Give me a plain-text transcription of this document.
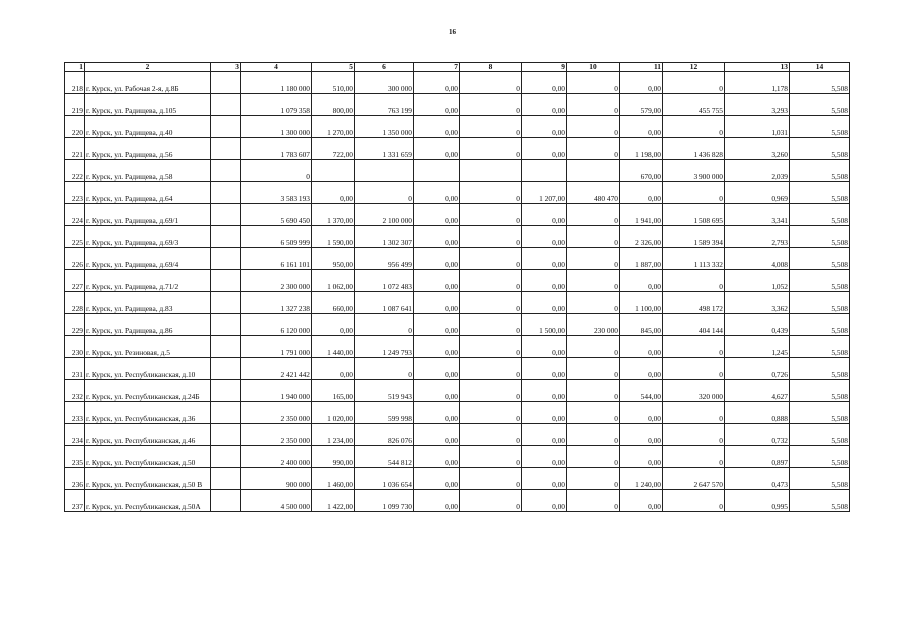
16
1	2	3	4	5	6	7	8	9	10	11	12	13	14
218	г. Курск, ул. Рабочая 2-я, д.8Б		1 180 000	510,00	300 000	0,00	0	0,00	0	0,00	0	1,178	5,508
219	г. Курск, ул. Радищева, д.105		1 079 358	800,00	763 199	0,00	0	0,00	0	579,00	455 755	3,293	5,508
220	г. Курск, ул. Радищева, д.40		1 300 000	1 270,00	1 350 000	0,00	0	0,00	0	0,00	0	1,031	5,508
221	г. Курск, ул. Радищева, д.56		1 783 607	722,00	1 331 659	0,00	0	0,00	0	1 198,00	1 436 828	3,260	5,508
222	г. Курск, ул. Радищева, д.58		0							670,00	3 900 000	2,039	5,508
223	г. Курск, ул. Радищева, д.64		3 583 193	0,00	0	0,00	0	1 207,00	480 470	0,00	0	0,969	5,508
224	г. Курск, ул. Радищева, д.69/1		5 690 450	1 370,00	2 100 000	0,00	0	0,00	0	1 941,00	1 508 695	3,341	5,508
225	г. Курск, ул. Радищева, д.69/3		6 509 999	1 590,00	1 302 307	0,00	0	0,00	0	2 326,00	1 589 394	2,793	5,508
226	г. Курск, ул. Радищева, д.69/4		6 161 101	950,00	956 499	0,00	0	0,00	0	1 887,00	1 113 332	4,008	5,508
227	г. Курск, ул. Радищева, д.71/2		2 300 000	1 062,00	1 072 483	0,00	0	0,00	0	0,00	0	1,052	5,508
228	г. Курск, ул. Радищева, д.83		1 327 238	660,00	1 087 641	0,00	0	0,00	0	1 100,00	498 172	3,362	5,508
229	г. Курск, ул. Радищева, д.86		6 120 000	0,00	0	0,00	0	1 500,00	230 000	845,00	404 144	0,439	5,508
230	г. Курск, ул. Резиновая, д.5		1 791 000	1 440,00	1 249 793	0,00	0	0,00	0	0,00	0	1,245	5,508
231	г. Курск, ул. Республиканская, д.10		2 421 442	0,00	0	0,00	0	0,00	0	0,00	0	0,726	5,508
232	г. Курск, ул. Республиканская, д.24Б		1 940 000	165,00	519 943	0,00	0	0,00	0	544,00	320 000	4,627	5,508
233	г. Курск, ул. Республиканская, д.36		2 350 000	1 020,00	599 998	0,00	0	0,00	0	0,00	0	0,888	5,508
234	г. Курск, ул. Республиканская, д.46		2 350 000	1 234,00	826 076	0,00	0	0,00	0	0,00	0	0,732	5,508
235	г. Курск, ул. Республиканская, д.50		2 400 000	990,00	544 812	0,00	0	0,00	0	0,00	0	0,897	5,508
236	г. Курск, ул. Республиканская, д.50 В		900 000	1 460,00	1 036 654	0,00	0	0,00	0	1 240,00	2 647 570	0,473	5,508
237	г. Курск, ул. Республиканская, д.50А		4 500 000	1 422,00	1 099 730	0,00	0	0,00	0	0,00	0	0,995	5,508
